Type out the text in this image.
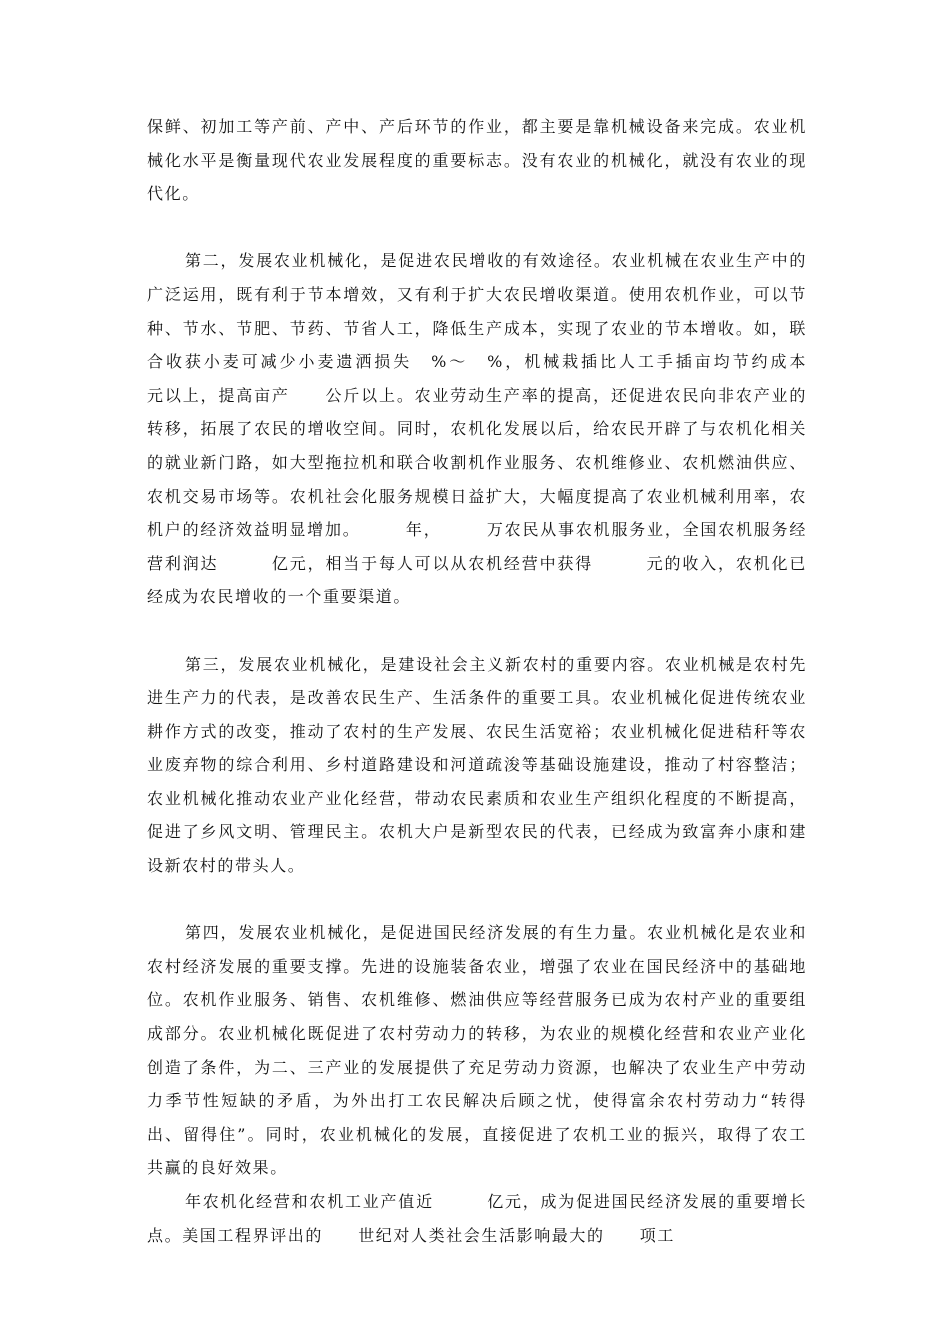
保鲜、初加工等产前、产中、产后环节的作业，都主要是靠机械设备来完成。农业机械化水平是衡量现代农业发展程度的重要标志。没有农业的机械化，就没有农业的现代化。

第二，发展农业机械化，是促进农民增收的有效途径。农业机械在农业生产中的广泛运用，既有利于节本增效，又有利于扩大农民增收渠道。使用农机作业，可以节种、节水、节肥、节药、节省人工，降低生产成本，实现了农业的节本增收。如，联合收获小麦可减少小麦遗洒损失　%～　%，机械栽插比人工手插亩均节约成本　　元以上，提高亩产　　公斤以上。农业劳动生产率的提高，还促进农民向非农产业的转移，拓展了农民的增收空间。同时，农机化发展以后，给农民开辟了与农机化相关的就业新门路，如大型拖拉机和联合收割机作业服务、农机维修业、农机燃油供应、农机交易市场等。农机社会化服务规模日益扩大，大幅度提高了农业机械利用率，农机户的经济效益明显增加。　　　年，　　　万农民从事农机服务业，全国农机服务经营利润达　　　亿元，相当于每人可以从农机经营中获得　　　元的收入，农机化已经成为农民增收的一个重要渠道。

第三，发展农业机械化，是建设社会主义新农村的重要内容。农业机械是农村先进生产力的代表，是改善农民生产、生活条件的重要工具。农业机械化促进传统农业耕作方式的改变，推动了农村的生产发展、农民生活宽裕；农业机械化促进秸秆等农业废弃物的综合利用、乡村道路建设和河道疏浚等基础设施建设，推动了村容整洁；农业机械化推动农业产业化经营，带动农民素质和农业生产组织化程度的不断提高，促进了乡风文明、管理民主。农机大户是新型农民的代表，已经成为致富奔小康和建设新农村的带头人。

第四，发展农业机械化，是促进国民经济发展的有生力量。农业机械化是农业和农村经济发展的重要支撑。先进的设施装备农业，增强了农业在国民经济中的基础地位。农机作业服务、销售、农机维修、燃油供应等经营服务已成为农村产业的重要组成部分。农业机械化既促进了农村劳动力的转移，为农业的规模化经营和农业产业化创造了条件，为二、三产业的发展提供了充足劳动力资源，也解决了农业生产中劳动力季节性短缺的矛盾，为外出打工农民解决后顾之忧，使得富余农村劳动力“转得出、留得住”。同时，农业机械化的发展，直接促进了农机工业的振兴，取得了农工共赢的良好效果。

年农机化经营和农机工业产值近　　　亿元，成为促进国民经济发展的重要增长点。美国工程界评出的　　世纪对人类社会生活影响最大的　　项工
